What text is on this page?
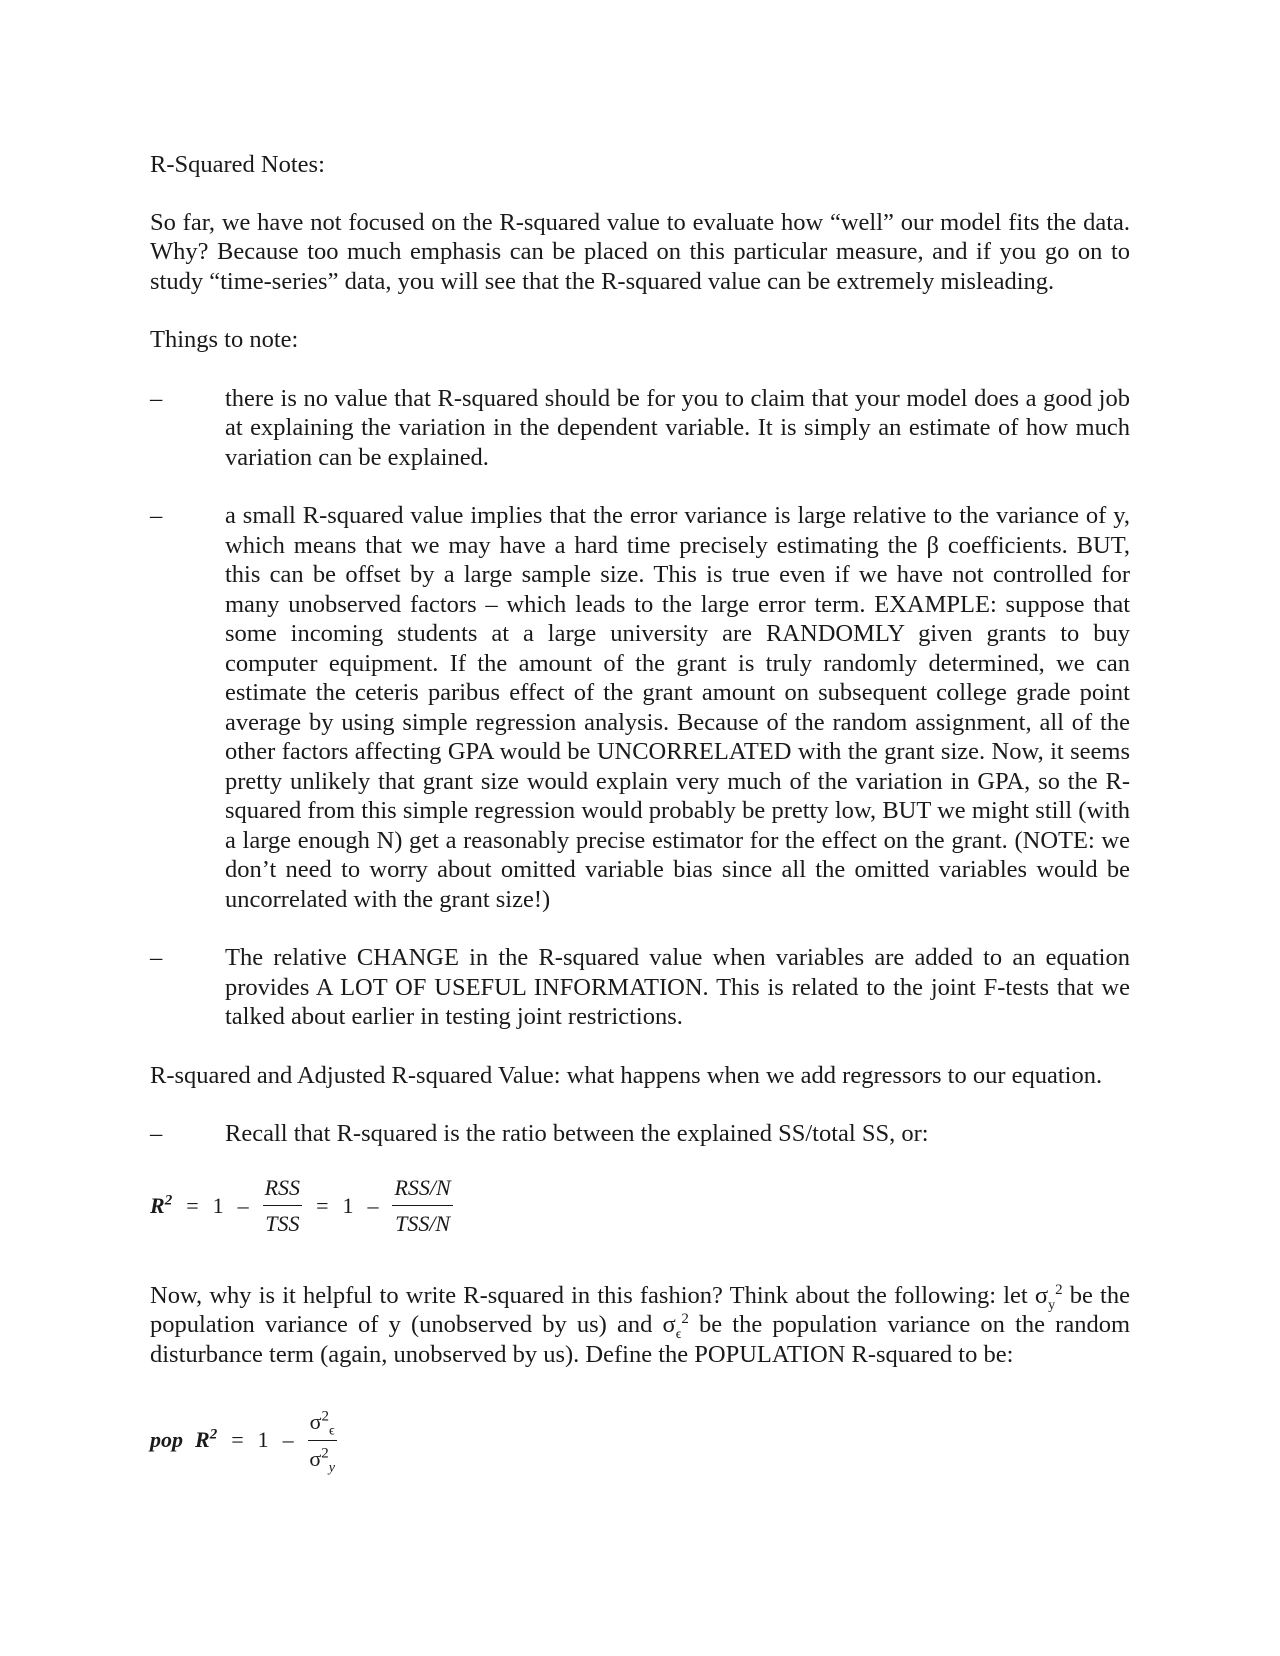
R-Squared Notes:
So far, we have not focused on the R-squared value to evaluate how “well” our model fits the data. Why? Because too much emphasis can be placed on this particular measure, and if you go on to study “time-series” data, you will see that the R-squared value can be extremely misleading.
Things to note:
–	there is no value that R-squared should be for you to claim that your model does a good job at explaining the variation in the dependent variable. It is simply an estimate of how much variation can be explained.
–	a small R-squared value implies that the error variance is large relative to the variance of y, which means that we may have a hard time precisely estimating the β coefficients. BUT, this can be offset by a large sample size. This is true even if we have not controlled for many unobserved factors – which leads to the large error term. EXAMPLE: suppose that some incoming students at a large university are RANDOMLY given grants to buy computer equipment. If the amount of the grant is truly randomly determined, we can estimate the ceteris paribus effect of the grant amount on subsequent college grade point average by using simple regression analysis. Because of the random assignment, all of the other factors affecting GPA would be UNCORRELATED with the grant size. Now, it seems pretty unlikely that grant size would explain very much of the variation in GPA, so the R-squared from this simple regression would probably be pretty low, BUT we might still (with a large enough N) get a reasonably precise estimator for the effect on the grant. (NOTE: we don’t need to worry about omitted variable bias since all the omitted variables would be uncorrelated with the grant size!)
–	The relative CHANGE in the R-squared value when variables are added to an equation provides A LOT OF USEFUL INFORMATION. This is related to the joint F-tests that we talked about earlier in testing joint restrictions.
R-squared and Adjusted R-squared Value: what happens when we add regressors to our equation.
–	Recall that R-squared is the ratio between the explained SS/total SS, or:
$R^2 = 1 - \frac{\text{RSS}}{\text{TSS}} = 1 - \frac{\text{RSS/N}}{\text{TSS/N}}$
Now, why is it helpful to write R-squared in this fashion? Think about the following: let $\sigma_y^2$ be the population variance of y (unobserved by us) and $\sigma_\epsilon^2$ be the population variance on the random disturbance term (again, unobserved by us). Define the POPULATION R-squared to be:
pop $R^2 = 1 - \frac{\sigma^2_\epsilon}{\sigma^2_y}$
